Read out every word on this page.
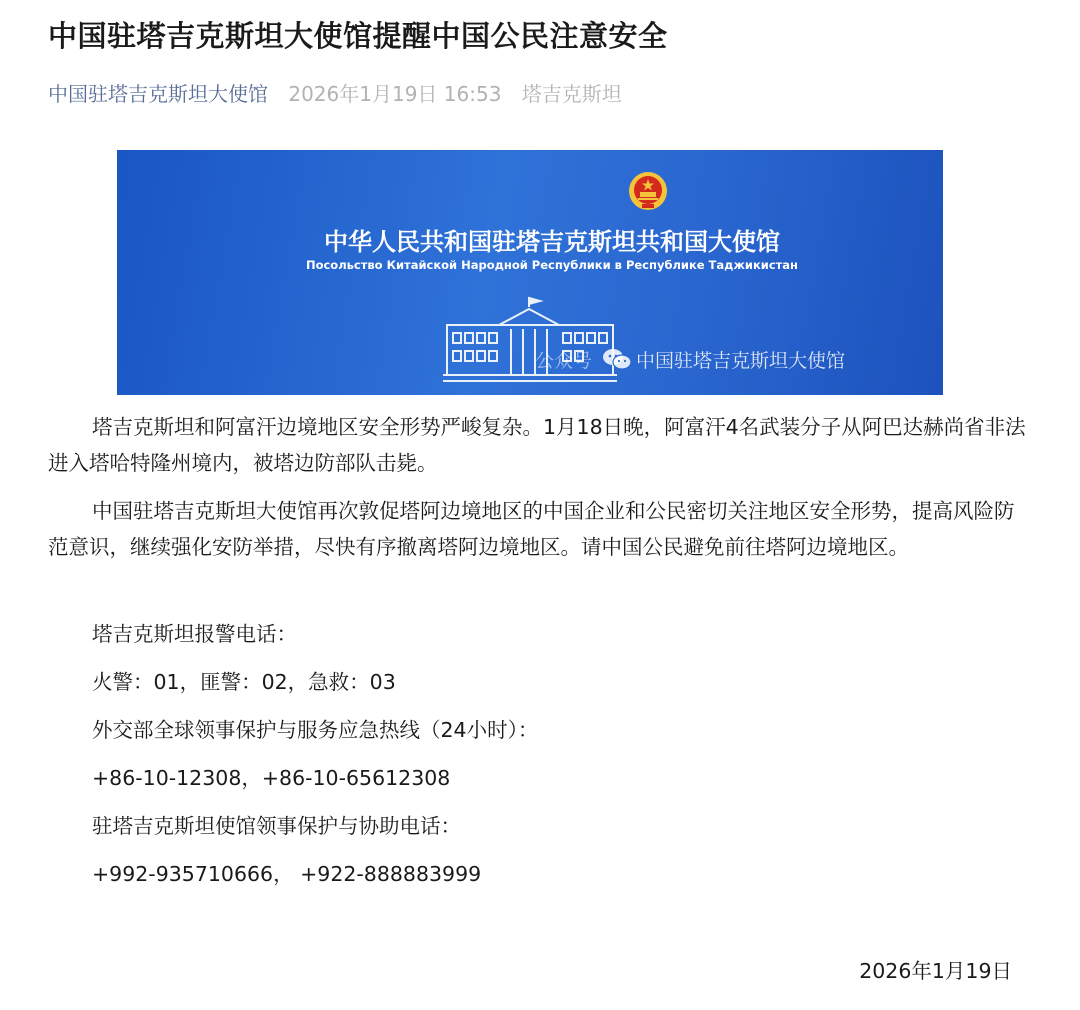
中国驻塔吉克斯坦大使馆提醒中国公民注意安全
中国驻塔吉克斯坦大使馆 2026年1月19日 16:53 塔吉克斯坦
中华人民共和国驻塔吉克斯坦共和国大使馆
Посольство Китайской Народной Республики в Республике Таджикистан
公众号 中国驻塔吉克斯坦大使馆

塔吉克斯坦和阿富汗边境地区安全形势严峻复杂。1月18日晚，阿富汗4名武装分子从阿巴达赫尚省非法进入塔哈特隆州境内，被塔边防部队击毙。

中国驻塔吉克斯坦大使馆再次敦促塔阿边境地区的中国企业和公民密切关注地区安全形势，提高风险防范意识，继续强化安防举措，尽快有序撤离塔阿边境地区。请中国公民避免前往塔阿边境地区。

塔吉克斯坦报警电话：
火警：01，匪警：02，急救：03
外交部全球领事保护与服务应急热线（24小时）：
+86-10-12308，+86-10-65612308
驻塔吉克斯坦使馆领事保护与协助电话：
+992-935710666， +922-888883999
2026年1月19日
